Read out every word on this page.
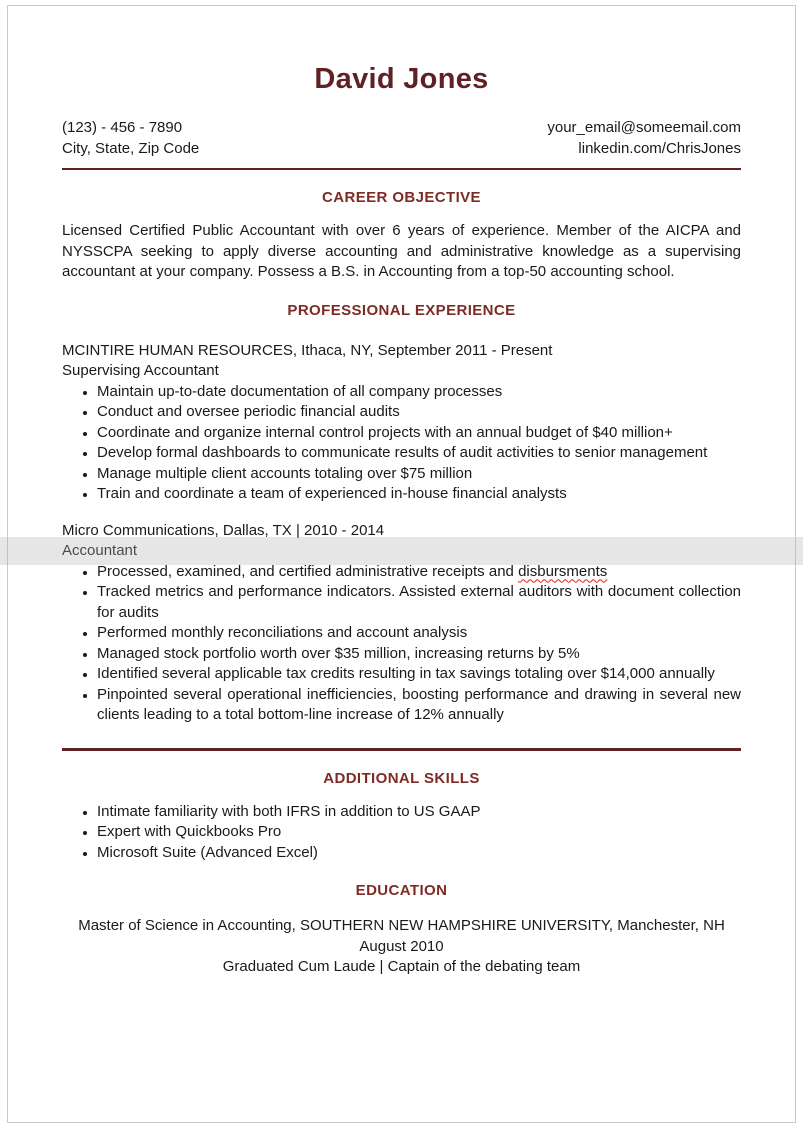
David Jones
(123) - 456 - 7890
City, State, Zip Code
your_email@someemail.com
linkedin.com/ChrisJones
CAREER OBJECTIVE

Licensed Certified Public Accountant with over 6 years of experience. Member of the AICPA and NYSSCPA seeking to apply diverse accounting and administrative knowledge as a supervising accountant at your company. Possess a B.S. in Accounting from a top-50 accounting school.

PROFESSIONAL EXPERIENCE
MCINTIRE HUMAN RESOURCES, Ithaca, NY, September 2011 - Present
Supervising Accountant
• Maintain up-to-date documentation of all company processes
• Conduct and oversee periodic financial audits
• Coordinate and organize internal control projects with an annual budget of $40 million+
• Develop formal dashboards to communicate results of audit activities to senior management
• Manage multiple client accounts totaling over $75 million
• Train and coordinate a team of experienced in-house financial analysts
Micro Communications, Dallas, TX | 2010 - 2014
Accountant
• Processed, examined, and certified administrative receipts and disbursments
• Tracked metrics and performance indicators. Assisted external auditors with document collection for audits
• Performed monthly reconciliations and account analysis
• Managed stock portfolio worth over $35 million, increasing returns by 5%
• Identified several applicable tax credits resulting in tax savings totaling over $14,000 annually
• Pinpointed several operational inefficiencies, boosting performance and drawing in several new clients leading to a total bottom-line increase of 12% annually
ADDITIONAL SKILLS
• Intimate familiarity with both IFRS in addition to US GAAP
• Expert with Quickbooks Pro
• Microsoft Suite (Advanced Excel)
EDUCATION
Master of Science in Accounting, SOUTHERN NEW HAMPSHIRE UNIVERSITY, Manchester, NH
August 2010
Graduated Cum Laude | Captain of the debating team
